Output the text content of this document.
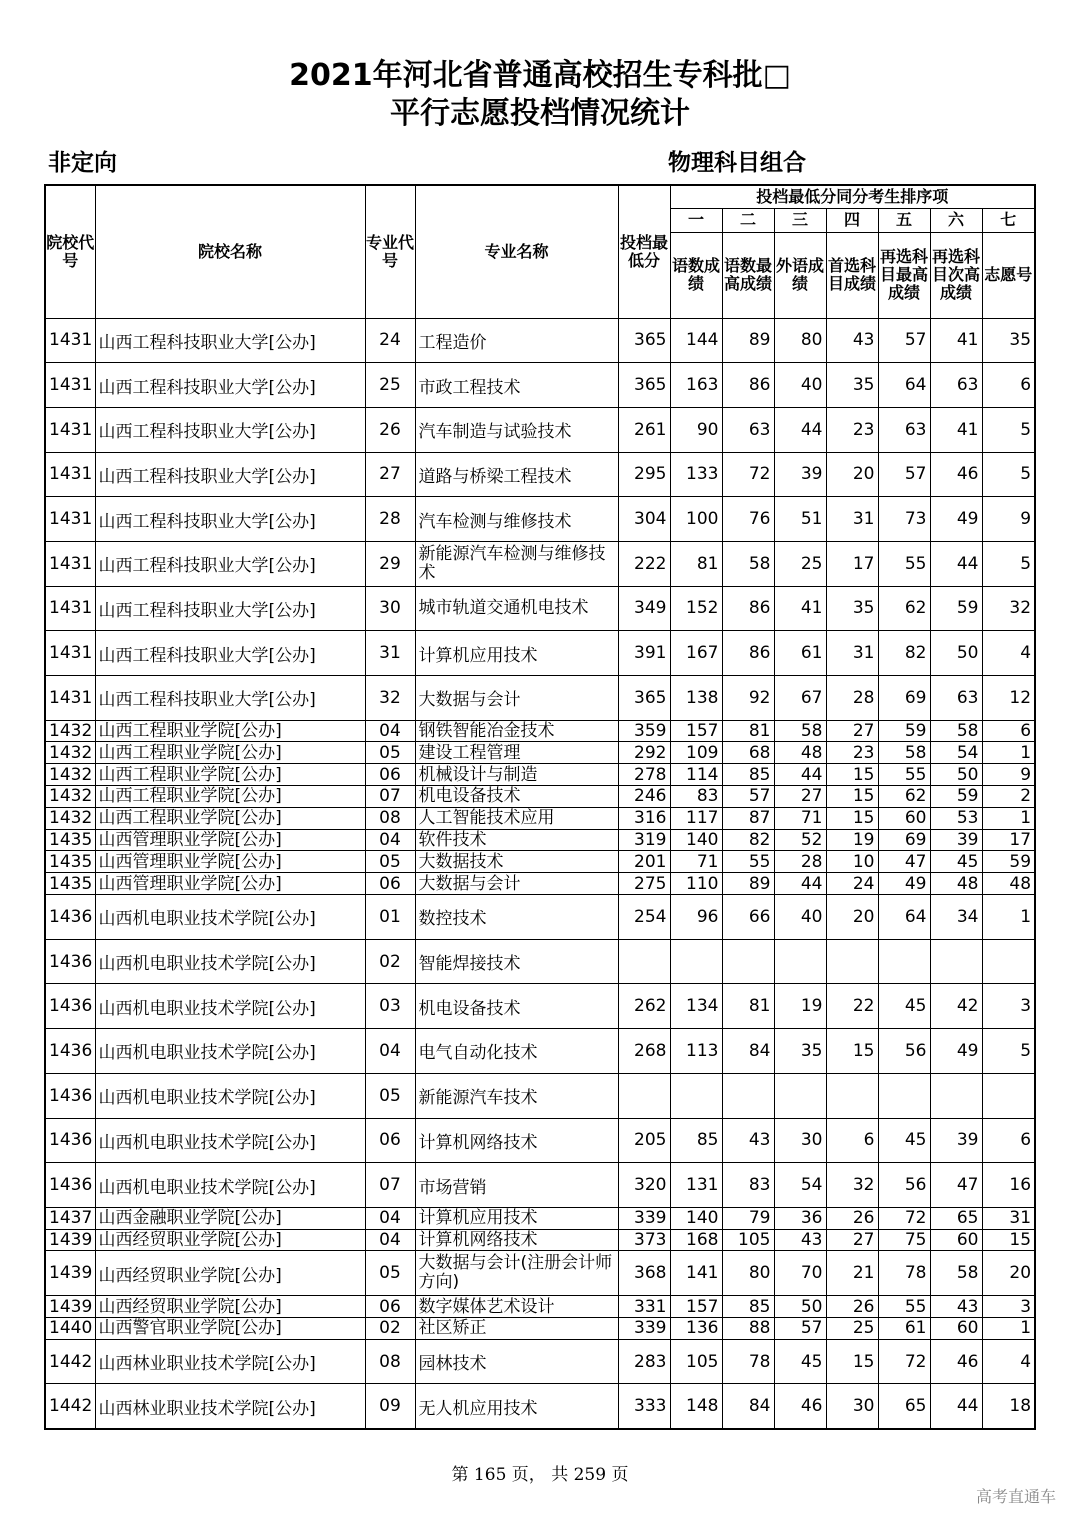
2021年河北省普通高校招生专科批□
平行志愿投档情况统计
非定向	物理科目组合
院校代号	院校名称	专业代号	专业名称	投档最低分	投档最低分同分考生排序项						
					一	二	三	四	五	六	七
					语数成绩	语数最高成绩	外语成绩	首选科目成绩	再选科目最高成绩	再选科目次高成绩	志愿号
1431	山西工程科技职业大学[公办]	24	工程造价	365	144	89	80	43	57	41	35
1431	山西工程科技职业大学[公办]	25	市政工程技术	365	163	86	40	35	64	63	6
1431	山西工程科技职业大学[公办]	26	汽车制造与试验技术	261	90	63	44	23	63	41	5
1431	山西工程科技职业大学[公办]	27	道路与桥梁工程技术	295	133	72	39	20	57	46	5
1431	山西工程科技职业大学[公办]	28	汽车检测与维修技术	304	100	76	51	31	73	49	9
1431	山西工程科技职业大学[公办]	29	新能源汽车检测与维修技术	222	81	58	25	17	55	44	5
1431	山西工程科技职业大学[公办]	30	城市轨道交通机电技术	349	152	86	41	35	62	59	32
1431	山西工程科技职业大学[公办]	31	计算机应用技术	391	167	86	61	31	82	50	4
1431	山西工程科技职业大学[公办]	32	大数据与会计	365	138	92	67	28	69	63	12
1432	山西工程职业学院[公办]	04	钢铁智能冶金技术	359	157	81	58	27	59	58	6
1432	山西工程职业学院[公办]	05	建设工程管理	292	109	68	48	23	58	54	1
1432	山西工程职业学院[公办]	06	机械设计与制造	278	114	85	44	15	55	50	9
1432	山西工程职业学院[公办]	07	机电设备技术	246	83	57	27	15	62	59	2
1432	山西工程职业学院[公办]	08	人工智能技术应用	316	117	87	71	15	60	53	1
1435	山西管理职业学院[公办]	04	软件技术	319	140	82	52	19	69	39	17
1435	山西管理职业学院[公办]	05	大数据技术	201	71	55	28	10	47	45	59
1435	山西管理职业学院[公办]	06	大数据与会计	275	110	89	44	24	49	48	48
1436	山西机电职业技术学院[公办]	01	数控技术	254	96	66	40	20	64	34	1
1436	山西机电职业技术学院[公办]	02	智能焊接技术								
1436	山西机电职业技术学院[公办]	03	机电设备技术	262	134	81	19	22	45	42	3
1436	山西机电职业技术学院[公办]	04	电气自动化技术	268	113	84	35	15	56	49	5
1436	山西机电职业技术学院[公办]	05	新能源汽车技术								
1436	山西机电职业技术学院[公办]	06	计算机网络技术	205	85	43	30	6	45	39	6
1436	山西机电职业技术学院[公办]	07	市场营销	320	131	83	54	32	56	47	16
1437	山西金融职业学院[公办]	04	计算机应用技术	339	140	79	36	26	72	65	31
1439	山西经贸职业学院[公办]	04	计算机网络技术	373	168	105	43	27	75	60	15
1439	山西经贸职业学院[公办]	05	大数据与会计(注册会计师方向)	368	141	80	70	21	78	58	20
1439	山西经贸职业学院[公办]	06	数字媒体艺术设计	331	157	85	50	26	55	43	3
1440	山西警官职业学院[公办]	02	社区矫正	339	136	88	57	25	61	60	1
1442	山西林业职业技术学院[公办]	08	园林技术	283	105	78	45	15	72	46	4
1442	山西林业职业技术学院[公办]	09	无人机应用技术	333	148	84	46	30	65	44	18
第 165 页， 共 259 页
高考直通车
